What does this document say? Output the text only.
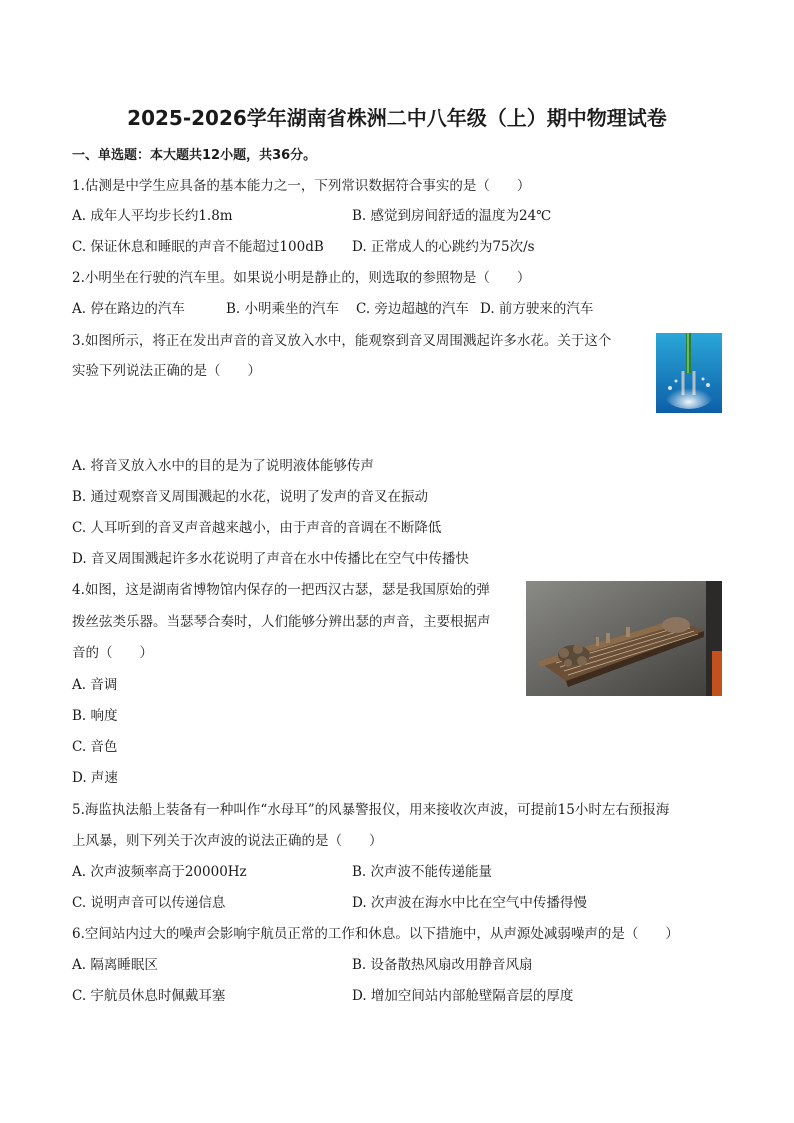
2025-2026学年湖南省株洲二中八年级（上）期中物理试卷
一、单选题：本大题共12小题，共36分。
1.估测是中学生应具备的基本能力之一，下列常识数据符合事实的是（　　）
A. 成年人平均步长约1.8m	B. 感觉到房间舒适的温度为24℃
C. 保证休息和睡眠的声音不能超过100dB D. 正常成人的心跳约为75次/s
2.小明坐在行驶的汽车里。如果说小明是静止的，则选取的参照物是（　　）
A. 停在路边的汽车	B. 小明乘坐的汽车 C. 旁边超越的汽车 D. 前方驶来的汽车
3.如图所示，将正在发出声音的音叉放入水中，能观察到音叉周围溅起许多水花。关于这个
实验下列说法正确的是（　　）
A. 将音叉放入水中的目的是为了说明液体能够传声
B. 通过观察音叉周围溅起的水花，说明了发声的音叉在振动
C. 人耳听到的音叉声音越来越小，由于声音的音调在不断降低
D. 音叉周围溅起许多水花说明了声音在水中传播比在空气中传播快
4.如图，这是湖南省博物馆内保存的一把西汉古瑟，瑟是我国原始的弹
拨丝弦类乐器。当瑟琴合奏时，人们能够分辨出瑟的声音，主要根据声
音的（　　）
A. 音调
B. 响度
C. 音色
D. 声速
5.海监执法船上装备有一种叫作“水母耳”的风暴警报仪，用来接收次声波，可提前15小时左右预报海
上风暴，则下列关于次声波的说法正确的是（　　）
A. 次声波频率高于20000Hz	B. 次声波不能传递能量
C. 说明声音可以传递信息	D. 次声波在海水中比在空气中传播得慢
6.空间站内过大的噪声会影响宇航员正常的工作和休息。以下措施中，从声源处减弱噪声的是（　　）
A. 隔离睡眠区	B. 设备散热风扇改用静音风扇
C. 宇航员休息时佩戴耳塞	D. 增加空间站内部舱壁隔音层的厚度
